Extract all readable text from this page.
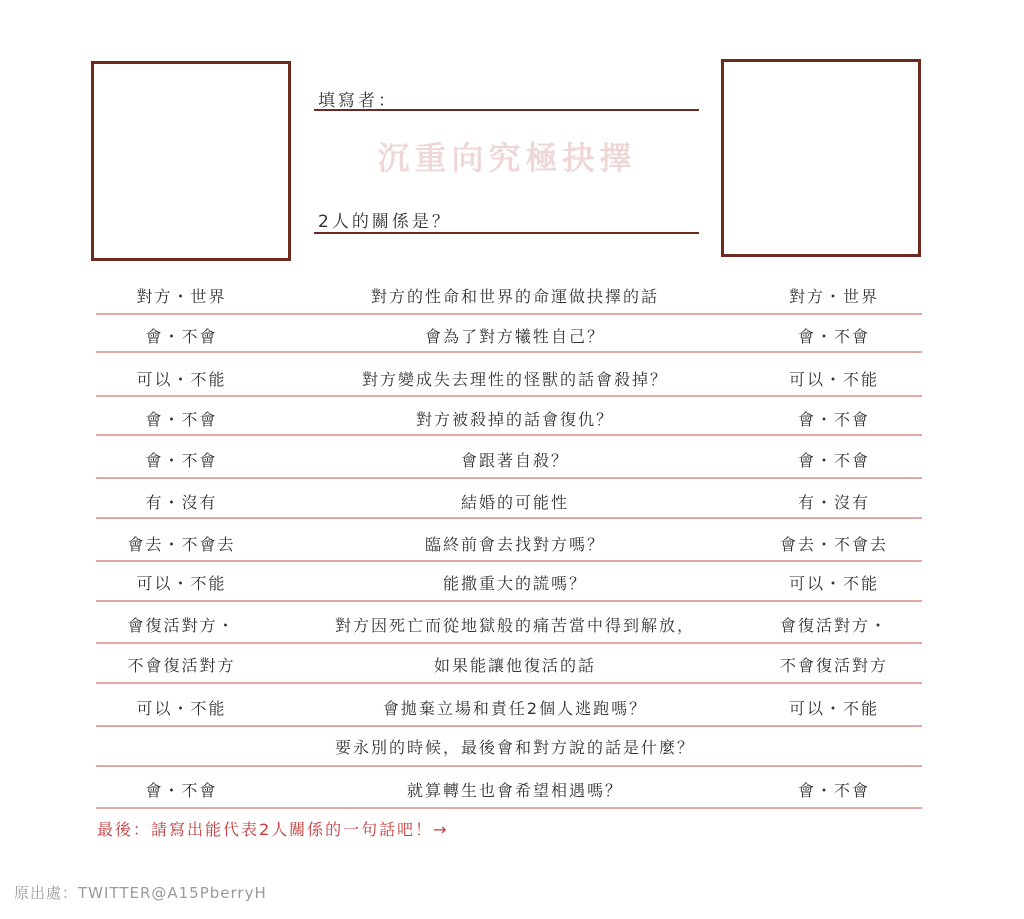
填寫者：
沉重向究極抉擇
2人的關係是？
對方・世界	對方的性命和世界的命運做抉擇的話	對方・世界
會・不會	會為了對方犧牲自己？	會・不會
可以・不能	對方變成失去理性的怪獸的話會殺掉？	可以・不能
會・不會	對方被殺掉的話會復仇？	會・不會
會・不會	會跟著自殺？	會・不會
有・沒有	結婚的可能性	有・沒有
會去・不會去	臨終前會去找對方嗎？	會去・不會去
可以・不能	能撒重大的謊嗎？	可以・不能
會復活對方・	對方因死亡而從地獄般的痛苦當中得到解放，	會復活對方・
不會復活對方	如果能讓他復活的話	不會復活對方
可以・不能	會拋棄立場和責任2個人逃跑嗎？	可以・不能
要永別的時候，最後會和對方說的話是什麼？
會・不會	就算轉生也會希望相遇嗎？	會・不會
最後：請寫出能代表2人關係的一句話吧！→
原出處：TWITTER@A15PberryH
